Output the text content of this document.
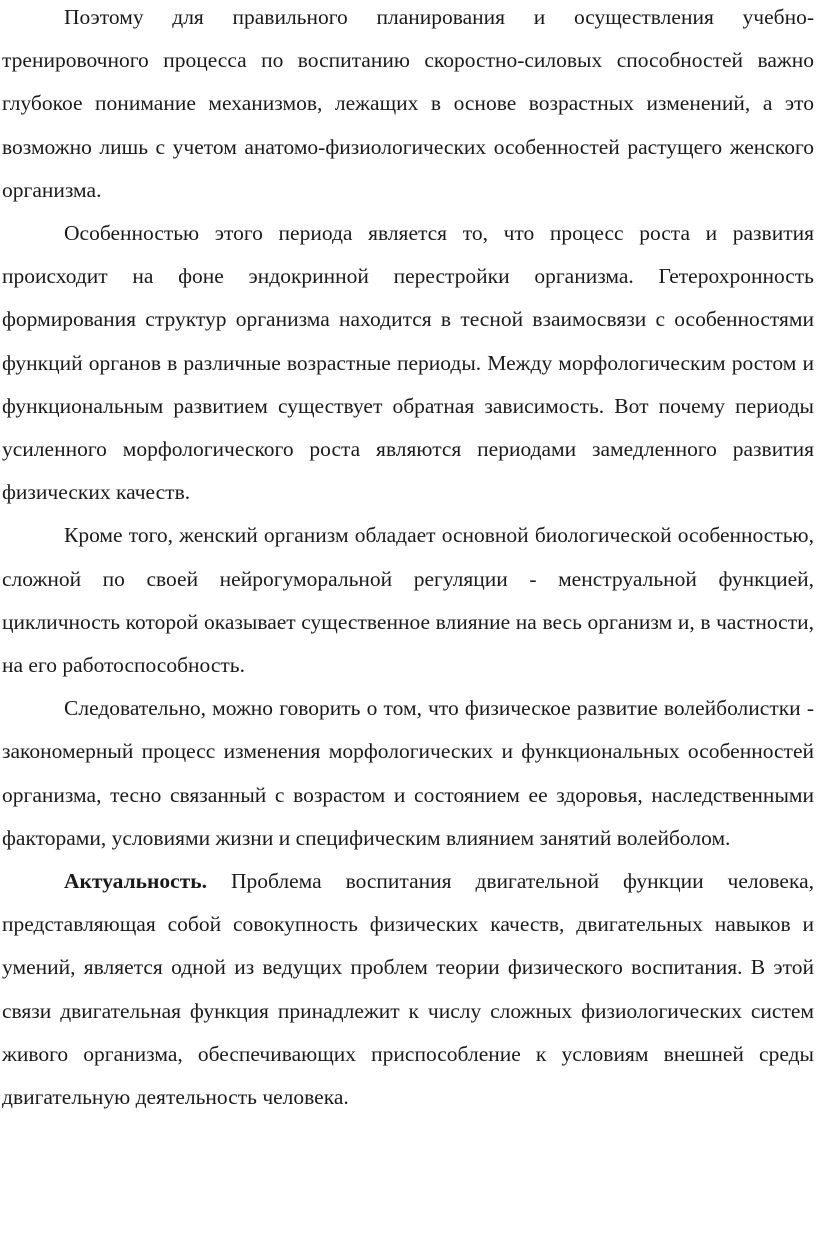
Поэтому для правильного планирования и осуществления учебно-тренировочного процесса по воспитанию скоростно-силовых способностей важно глубокое понимание механизмов, лежащих в основе возрастных изменений, а это возможно лишь с учетом анатомо-физиологических особенностей растущего женского организма.

Особенностью этого периода является то, что процесс роста и развития происходит на фоне эндокринной перестройки организма. Гетерохронность формирования структур организма находится в тесной взаимосвязи с особенностями функций органов в различные возрастные периоды. Между морфологическим ростом и функциональным развитием существует обратная зависимость. Вот почему периоды усиленного морфологического роста являются периодами замедленного развития физических качеств.

Кроме того, женский организм обладает основной биологической особенностью, сложной по своей нейрогуморальной регуляции - менструальной функцией, цикличность которой оказывает существенное влияние на весь организм и, в частности, на его работоспособность.

Следовательно, можно говорить о том, что физическое развитие волейболистки - закономерный процесс изменения морфологических и функциональных особенностей организма, тесно связанный с возрастом и состоянием ее здоровья, наследственными факторами, условиями жизни и специфическим влиянием занятий волейболом.

Актуальность. Проблема воспитания двигательной функции человека, представляющая собой совокупность физических качеств, двигательных навыков и умений, является одной из ведущих проблем теории физического воспитания. В этой связи двигательная функция принадлежит к числу сложных физиологических систем живого организма, обеспечивающих приспособление к условиям внешней среды двигательную деятельность человека.
